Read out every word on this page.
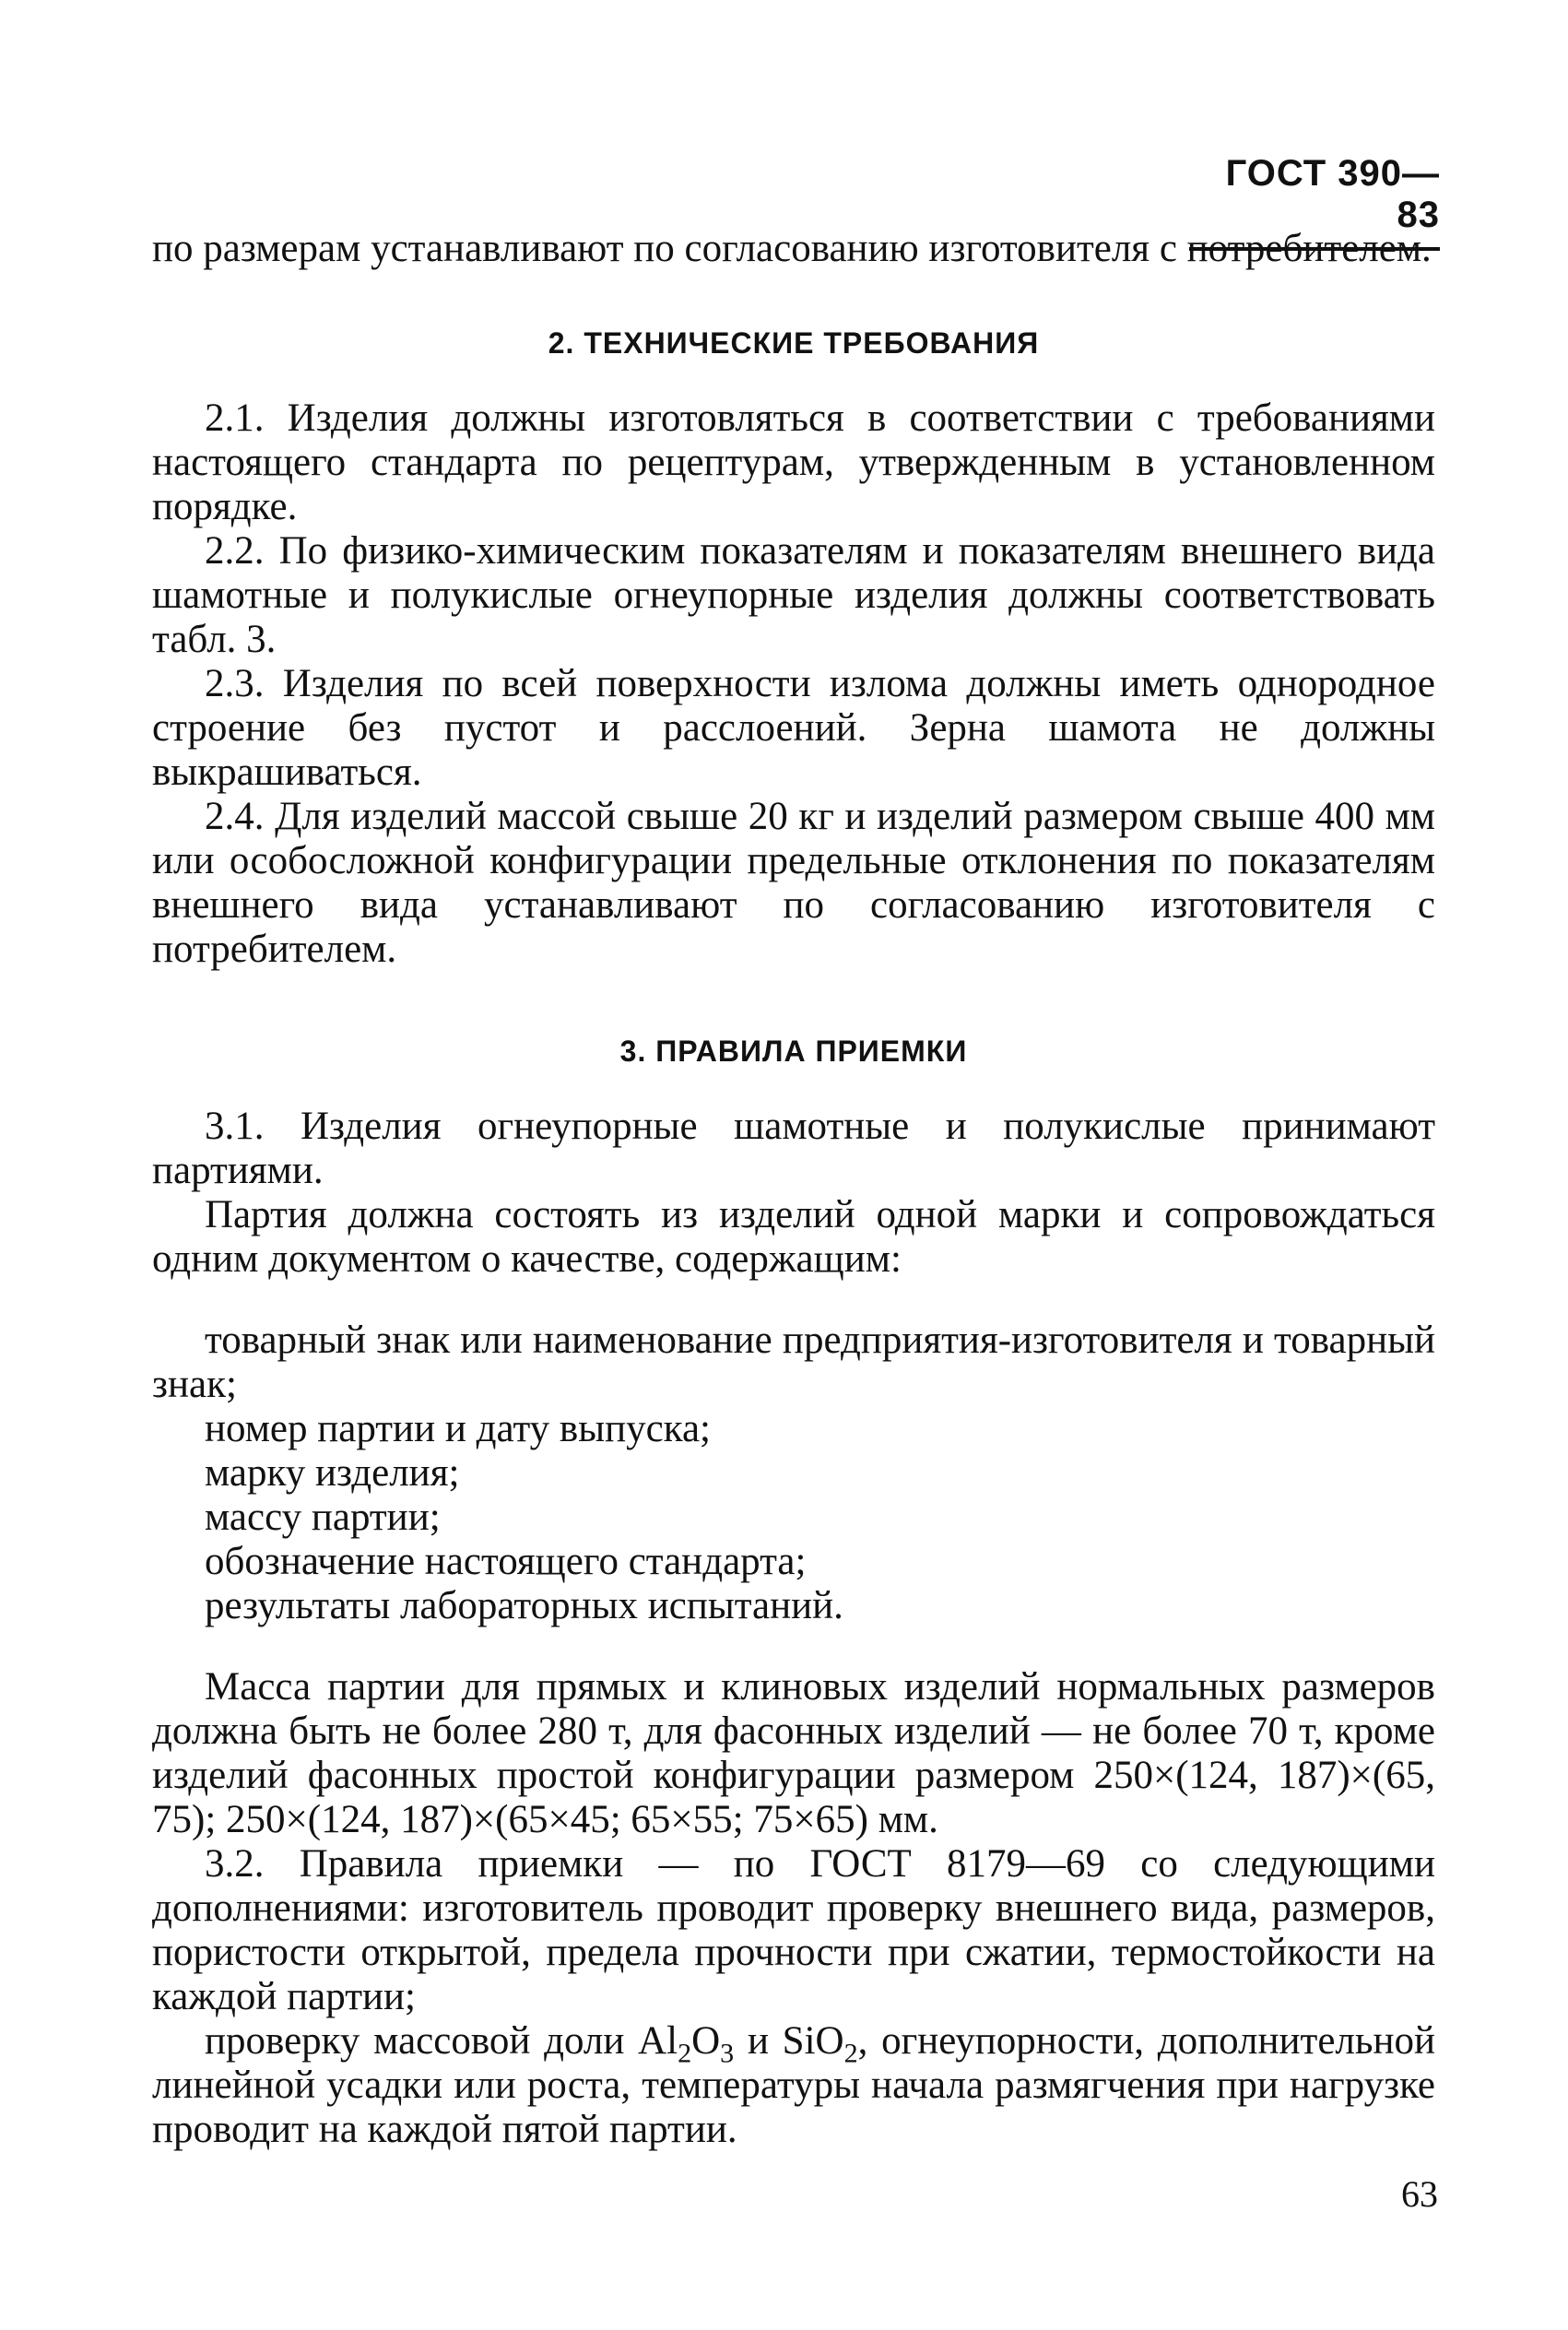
ГОСТ 390—83

по размерам устанавливают по согласованию изготовителя с потребителем.

2. ТЕХНИЧЕСКИЕ ТРЕБОВАНИЯ

2.1. Изделия должны изготовляться в соответствии с требованиями настоящего стандарта по рецептурам, утвержденным в установленном порядке.

2.2. По физико-химическим показателям и показателям внешнего вида шамотные и полукислые огнеупорные изделия должны соответствовать табл. 3.

2.3. Изделия по всей поверхности излома должны иметь однородное строение без пустот и расслоений. Зерна шамота не должны выкрашиваться.

2.4. Для изделий массой свыше 20 кг и изделий размером свыше 400 мм или особосложной конфигурации предельные отклонения по показателям внешнего вида устанавливают по согласованию изготовителя с потребителем.

3. ПРАВИЛА ПРИЕМКИ

3.1. Изделия огнеупорные шамотные и полукислые принимают партиями.

Партия должна состоять из изделий одной марки и сопровождаться одним документом о качестве, содержащим:

товарный знак или наименование предприятия-изготовителя и товарный знак;

номер партии и дату выпуска;

марку изделия;

массу партии;

обозначение настоящего стандарта;

результаты лабораторных испытаний.

Масса партии для прямых и клиновых изделий нормальных размеров должна быть не более 280 т, для фасонных изделий — не более 70 т, кроме изделий фасонных простой конфигурации размером 250×(124, 187)×(65, 75); 250×(124, 187)×(65×45; 65×55; 75×65) мм.

3.2. Правила приемки — по ГОСТ 8179—69 со следующими дополнениями: изготовитель проводит проверку внешнего вида, размеров, пористости открытой, предела прочности при сжатии, термостойкости на каждой партии;

проверку массовой доли $Al_2O_3$ и SiO$_2$, огнеупорности, дополнительной линейной усадки или роста, температуры начала размягчения при нагрузке проводит на каждой пятой партии.

63
